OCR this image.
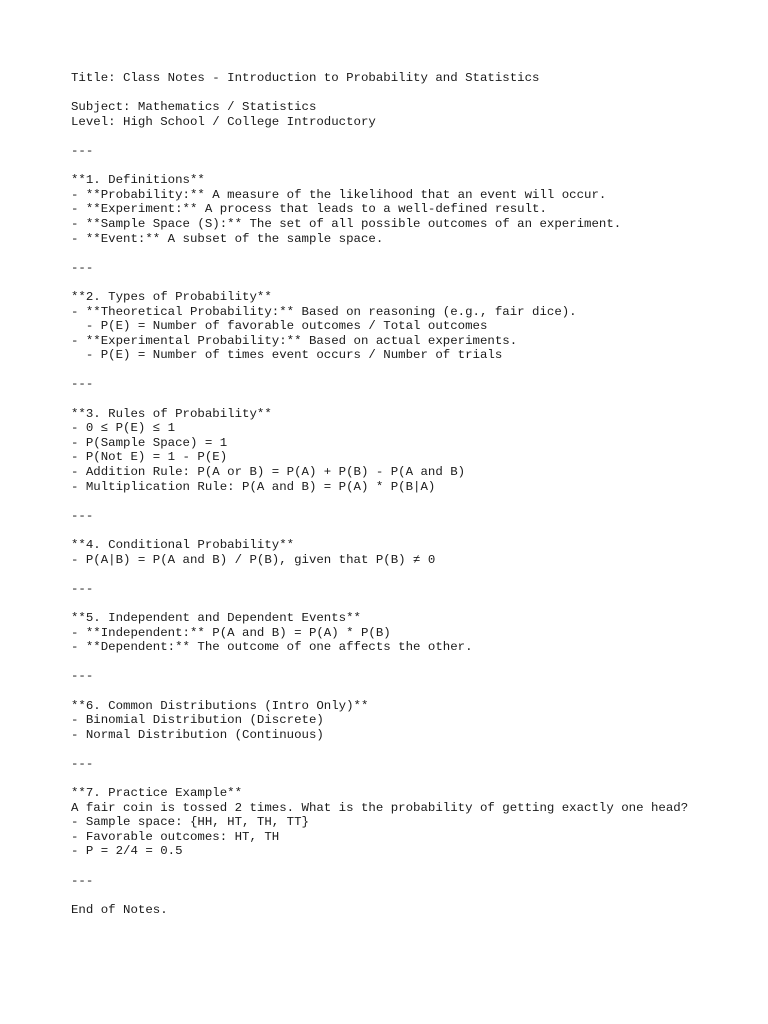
Title: Class Notes - Introduction to Probability and Statistics
Subject: Mathematics / Statistics
Level: High School / College Introductory
---
**1. Definitions**
- **Probability:** A measure of the likelihood that an event will occur.
- **Experiment:** A process that leads to a well-defined result.
- **Sample Space (S):** The set of all possible outcomes of an experiment.
- **Event:** A subset of the sample space.
---
**2. Types of Probability**
- **Theoretical Probability:** Based on reasoning (e.g., fair dice).
- P(E) = Number of favorable outcomes / Total outcomes
- **Experimental Probability:** Based on actual experiments.
- P(E) = Number of times event occurs / Number of trials
---
**3. Rules of Probability**
- 0 ≤ P(E) ≤ 1
- P(Sample Space) = 1
- P(Not E) = 1 - P(E)
- Addition Rule: P(A or B) = P(A) + P(B) - P(A and B)
- Multiplication Rule: P(A and B) = P(A) * P(B|A)
---
**4. Conditional Probability**
- P(A|B) = P(A and B) / P(B), given that P(B) ≠ 0
---
**5. Independent and Dependent Events**
- **Independent:** P(A and B) = P(A) * P(B)
- **Dependent:** The outcome of one affects the other.
---
**6. Common Distributions (Intro Only)**
- Binomial Distribution (Discrete)
- Normal Distribution (Continuous)
---
**7. Practice Example**
A fair coin is tossed 2 times. What is the probability of getting exactly one head?
- Sample space: {HH, HT, TH, TT}
- Favorable outcomes: HT, TH
- P = 2/4 = 0.5
---
End of Notes.
